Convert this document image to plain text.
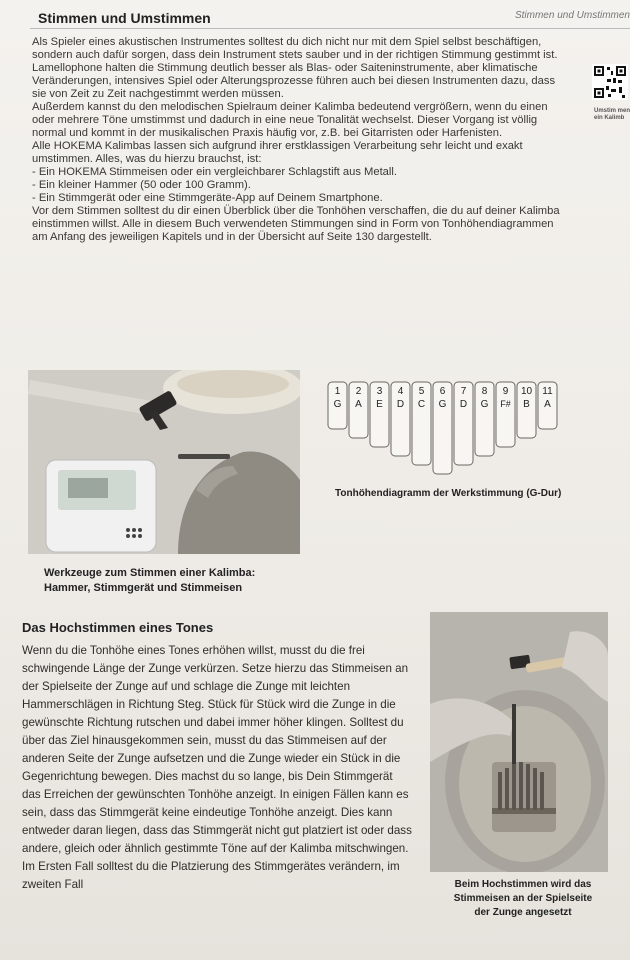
Stimmen und Umstimmen	Stimmen und Umstimmen

Als Spieler eines akustischen Instrumentes solltest du dich nicht nur mit dem Spiel selbst beschäftigen, sondern auch dafür sorgen, dass dein Instrument stets sauber und in der richtigen Stimmung gestimmt ist. Lamellophone halten die Stimmung deutlich besser als Blas- oder Saiteninstrumente, aber klimatische Veränderungen, intensives Spiel oder Alterungsprozesse führen auch bei diesen Instrumenten dazu, dass sie von Zeit zu Zeit nachgestimmt werden müssen.

Außerdem kannst du den melodischen Spielraum deiner Kalimba bedeutend vergrößern, wenn du einen oder mehrere Töne umstimmst und dadurch in eine neue Tonalität wechselst. Dieser Vorgang ist völlig normal und kommt in der musikalischen Praxis häufig vor, z.B. bei Gitarristen oder Harfenisten.

Alle HOKEMA Kalimbas lassen sich aufgrund ihrer erstklassigen Verarbeitung sehr leicht und exakt umstimmen. Alles, was du hierzu brauchst, ist:

- Ein HOKEMA Stimmeisen oder ein vergleichbarer Schlagstift aus Metall.

- Ein kleiner Hammer (50 oder 100 Gramm).

- Ein Stimmgerät oder eine Stimmgeräte-App auf Deinem Smartphone.

Vor dem Stimmen solltest du dir einen Überblick über die Tonhöhen verschaffen, die du auf deiner Kalimba einstimmen willst. Alle in diesem Buch verwendeten Stimmungen sind in Form von Tonhöhendiagrammen am Anfang des jeweiligen Kapitels und in der Übersicht auf Seite 130 dargestellt.

Umstim men ein Kalimb
Werkzeuge zum Stimmen einer Kalimba:
Hammer, Stimmgerät und Stimmeisen
1
G
2
A
3
E
4
D
5
C
6
G
7
D
8
G
9
F#
10
B
11
A
Tonhöhendiagramm der Werkstimmung (G-Dur)
Das Hochstimmen eines Tones
Wenn du die Tonhöhe eines Tones erhöhen willst, musst du die frei schwingende Länge der Zunge verkürzen. Setze hierzu das Stimmeisen an der Spielseite der Zunge auf und schlage die Zunge mit leichten Hammerschlägen in Richtung Steg. Stück für Stück wird die Zunge in die gewünschte Richtung rutschen und dabei immer höher klingen. Solltest du über das Ziel hinausgekommen sein, musst du das Stimmeisen auf der anderen Seite der Zunge aufsetzen und die Zunge wieder ein Stück in die Gegenrichtung bewegen. Dies machst du so lange, bis Dein Stimmgerät das Erreichen der gewünschten Tonhöhe anzeigt. In einigen Fällen kann es sein, dass das Stimmgerät keine eindeutige Tonhöhe anzeigt. Dies kann entweder daran liegen, dass das Stimmgerät nicht gut platziert ist oder dass andere, gleich oder ähnlich gestimmte Töne auf der Kalimba mitschwingen. Im Ersten Fall solltest du die Platzierung des Stimmgerätes verändern, im zweiten Fall	Beim Hochstimmen wird das
Stimmeisen an der Spielseite
der Zunge angesetzt
